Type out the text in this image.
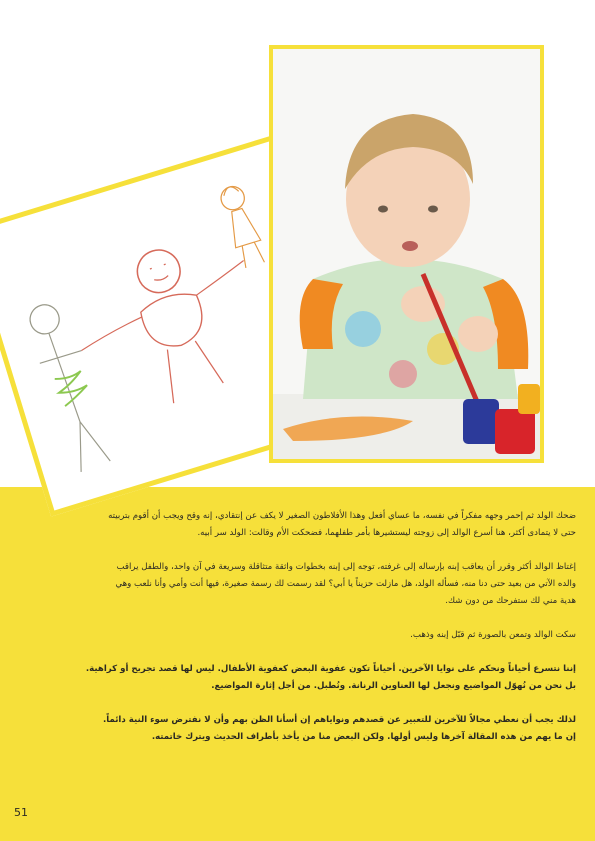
ضحك الولد ثم إحمر وجهه مفكراً في نفسه، ما عساي أفعل وهذا الأفلاطون الصغير لا يكف عن إنتقادي، إنه وقح ويجب أن أقوم بتربيته

حتى لا يتمادى أكثر، هنا أسرع الوالد إلى زوجته ليستشيرها بأمر طفلهما، فضحكت الأم وقالت: الولد سر أبيه.

إغتاظ الوالد أكثر وقرر أن يعاقب إبنه بإرساله إلى غرفته، توجه إلى إبنه بخطوات واثقة متثاقلة وسريعة في آن واحد، والطفل يراقب

والده الآتي من بعيد حتى دنا منه، فسأله الولد، هل مازلت حزيناً يا أبي؟ لقد رسمت لك رسمة صغيرة، فيها أنت وأمي وأنا نلعب وهي

هدية مني لك ستفرحك من دون شك.

سكت الوالد وتمعن بالصورة ثم قبّل إبنه وذهب.

إننا نتسرع أحياناً ونحكم على نوايا الآخرين. أحياناً تكون عفوية البعض كعفوية الأطفال. ليس لها قصد تجريح أو كراهية.

بل نحن من نُهوّل المواضيع ونجعل لها العناوين الرنانة. ونُطبل. من أجل إثارة المواضيع.

لذلك يجب أن نعطي مجالاً للآخرين للتعبير عن قصدهم ونواياهم إن أسأنا الظن بهم وأن لا نفترض سوء النية دائماً.

إن ما يهم من هذه المقالة آخرها وليس أولها. ولكن البعض منا من يأخذ بأطراف الحديث ويترك خاتمته.

51
